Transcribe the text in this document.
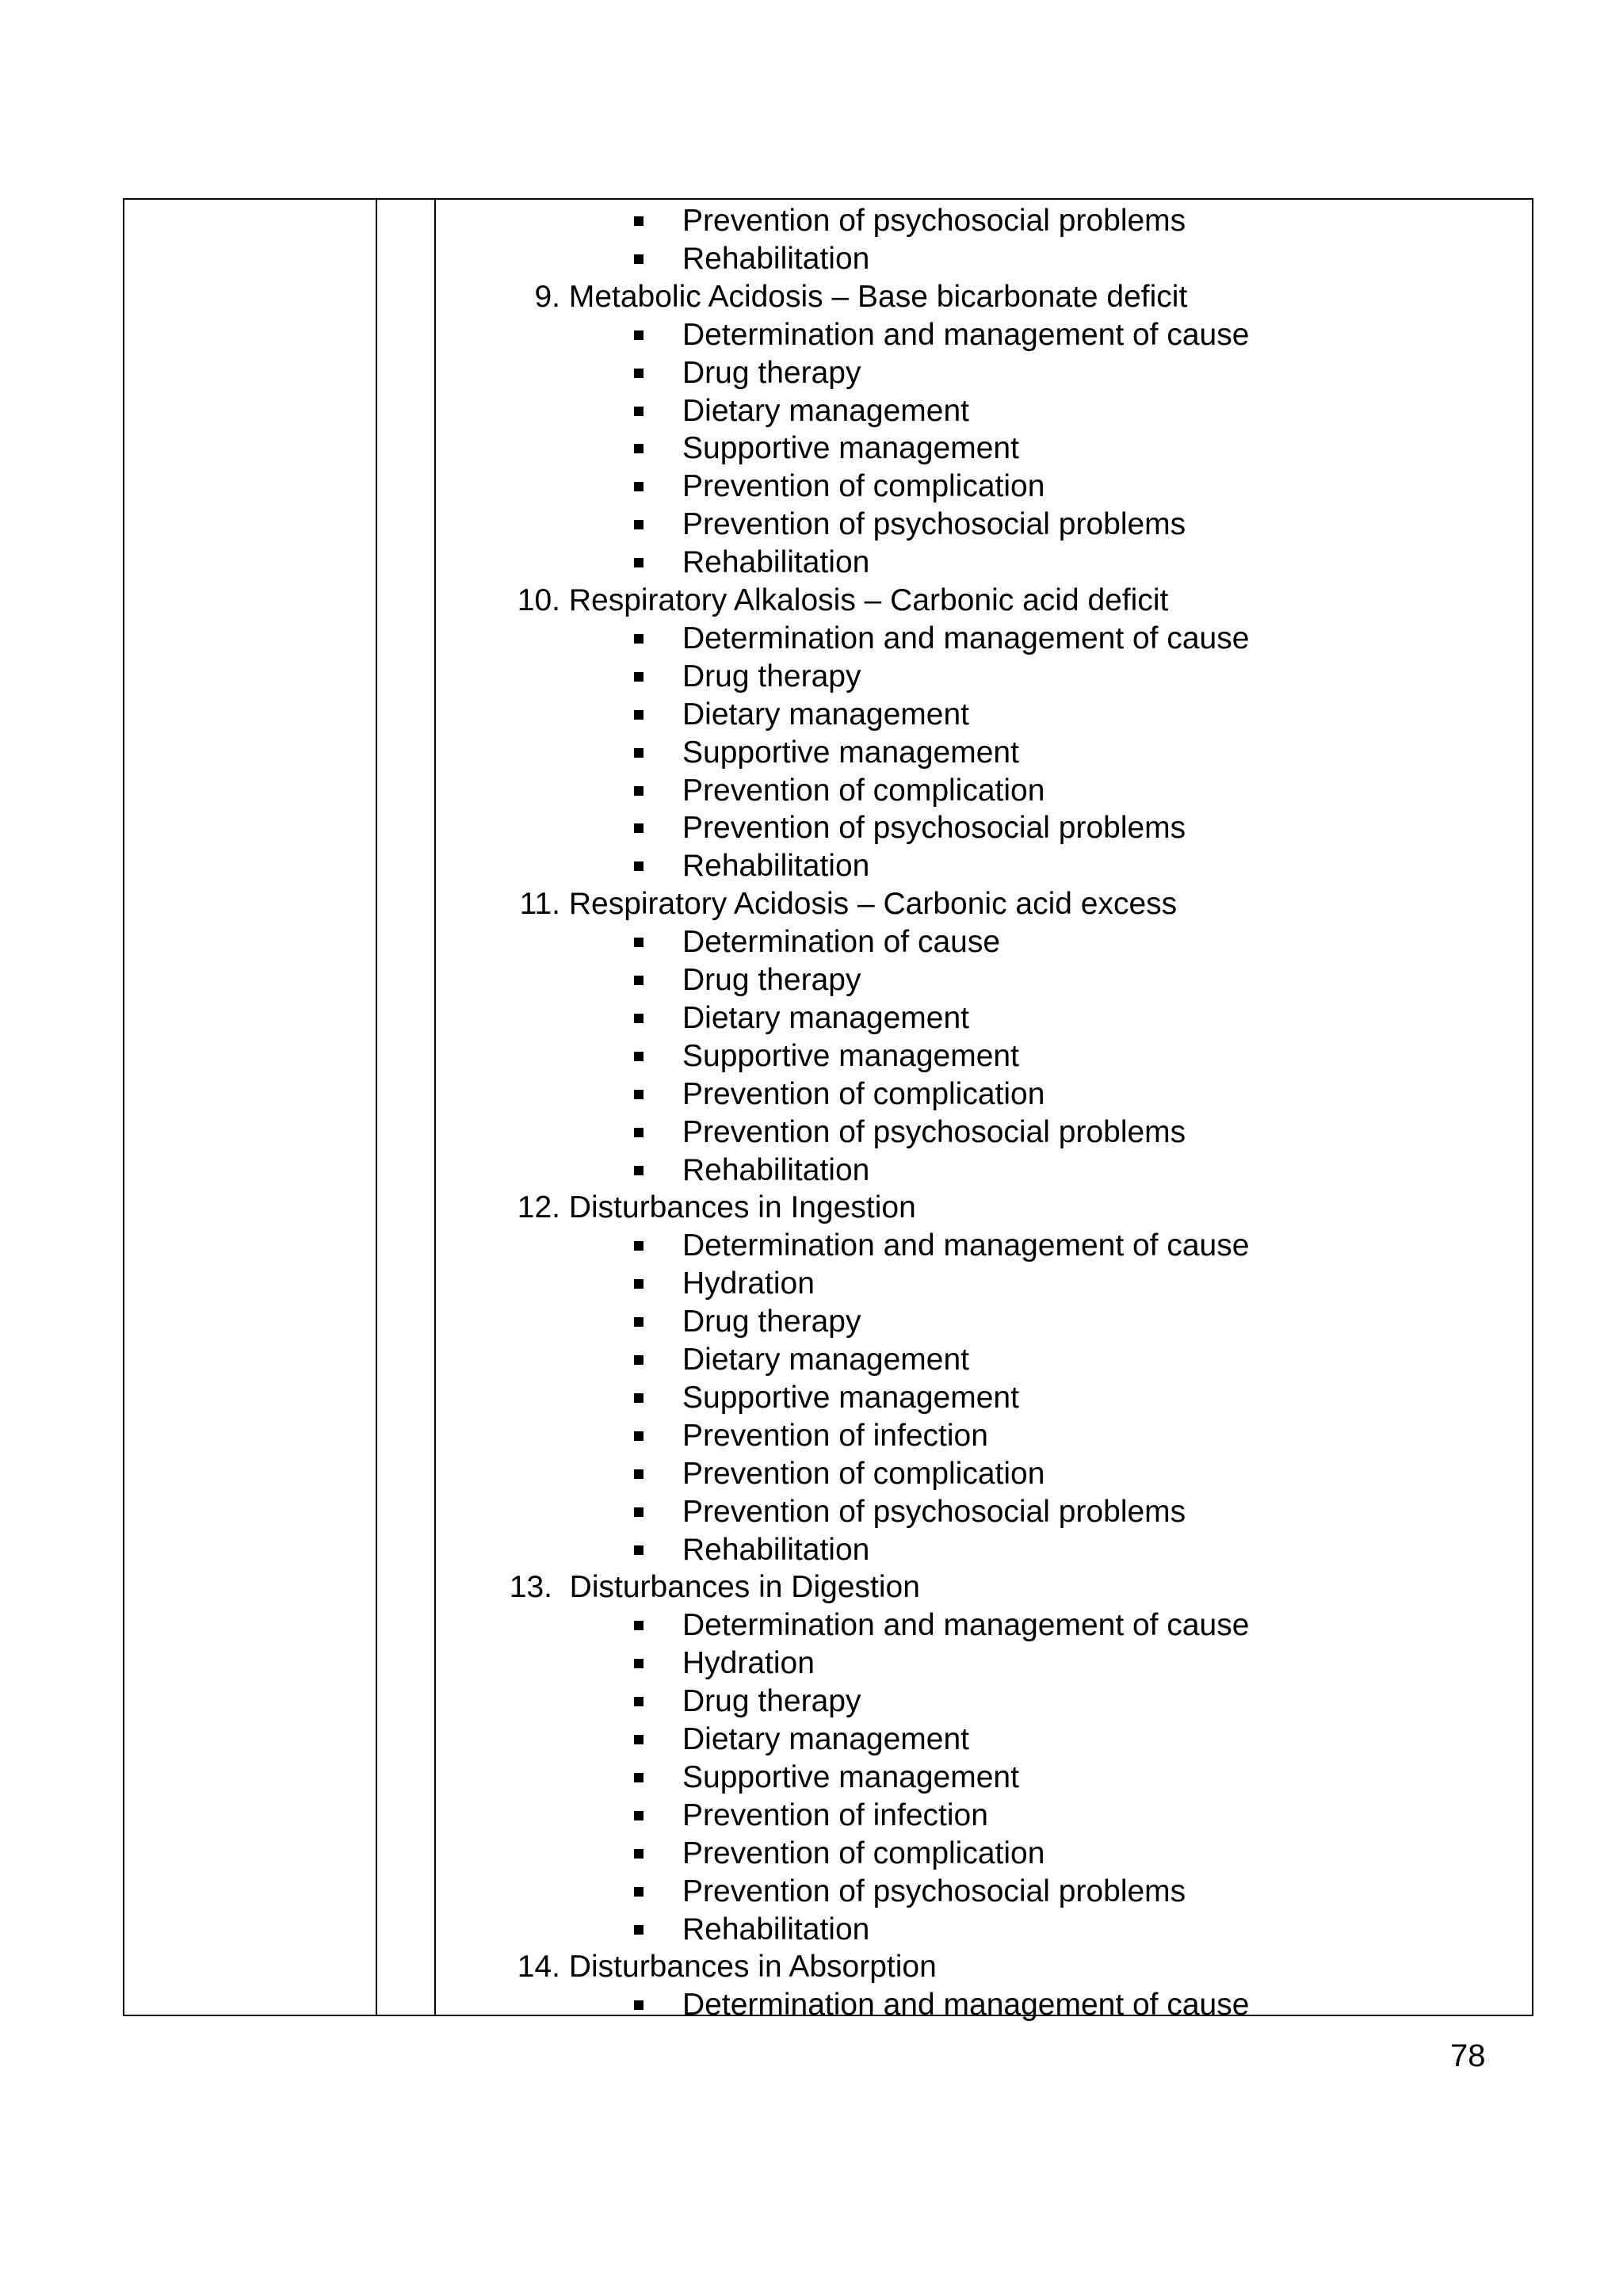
Prevention of psychosocial problems
Rehabilitation
9. Metabolic Acidosis – Base bicarbonate deficit
Determination and management of cause
Drug therapy
Dietary management
Supportive management
Prevention of complication
Prevention of psychosocial problems
Rehabilitation
10. Respiratory Alkalosis – Carbonic acid deficit
Determination and management of cause
Drug therapy
Dietary management
Supportive management
Prevention of complication
Prevention of psychosocial problems
Rehabilitation
11. Respiratory Acidosis – Carbonic acid excess
Determination of cause
Drug therapy
Dietary management
Supportive management
Prevention of complication
Prevention of psychosocial problems
Rehabilitation
12. Disturbances in Ingestion
Determination and management of cause
Hydration
Drug therapy
Dietary management
Supportive management
Prevention of infection
Prevention of complication
Prevention of psychosocial problems
Rehabilitation
13. Disturbances in Digestion
Determination and management of cause
Hydration
Drug therapy
Dietary management
Supportive management
Prevention of infection
Prevention of complication
Prevention of psychosocial problems
Rehabilitation
14. Disturbances in Absorption
Determination and management of cause
78
